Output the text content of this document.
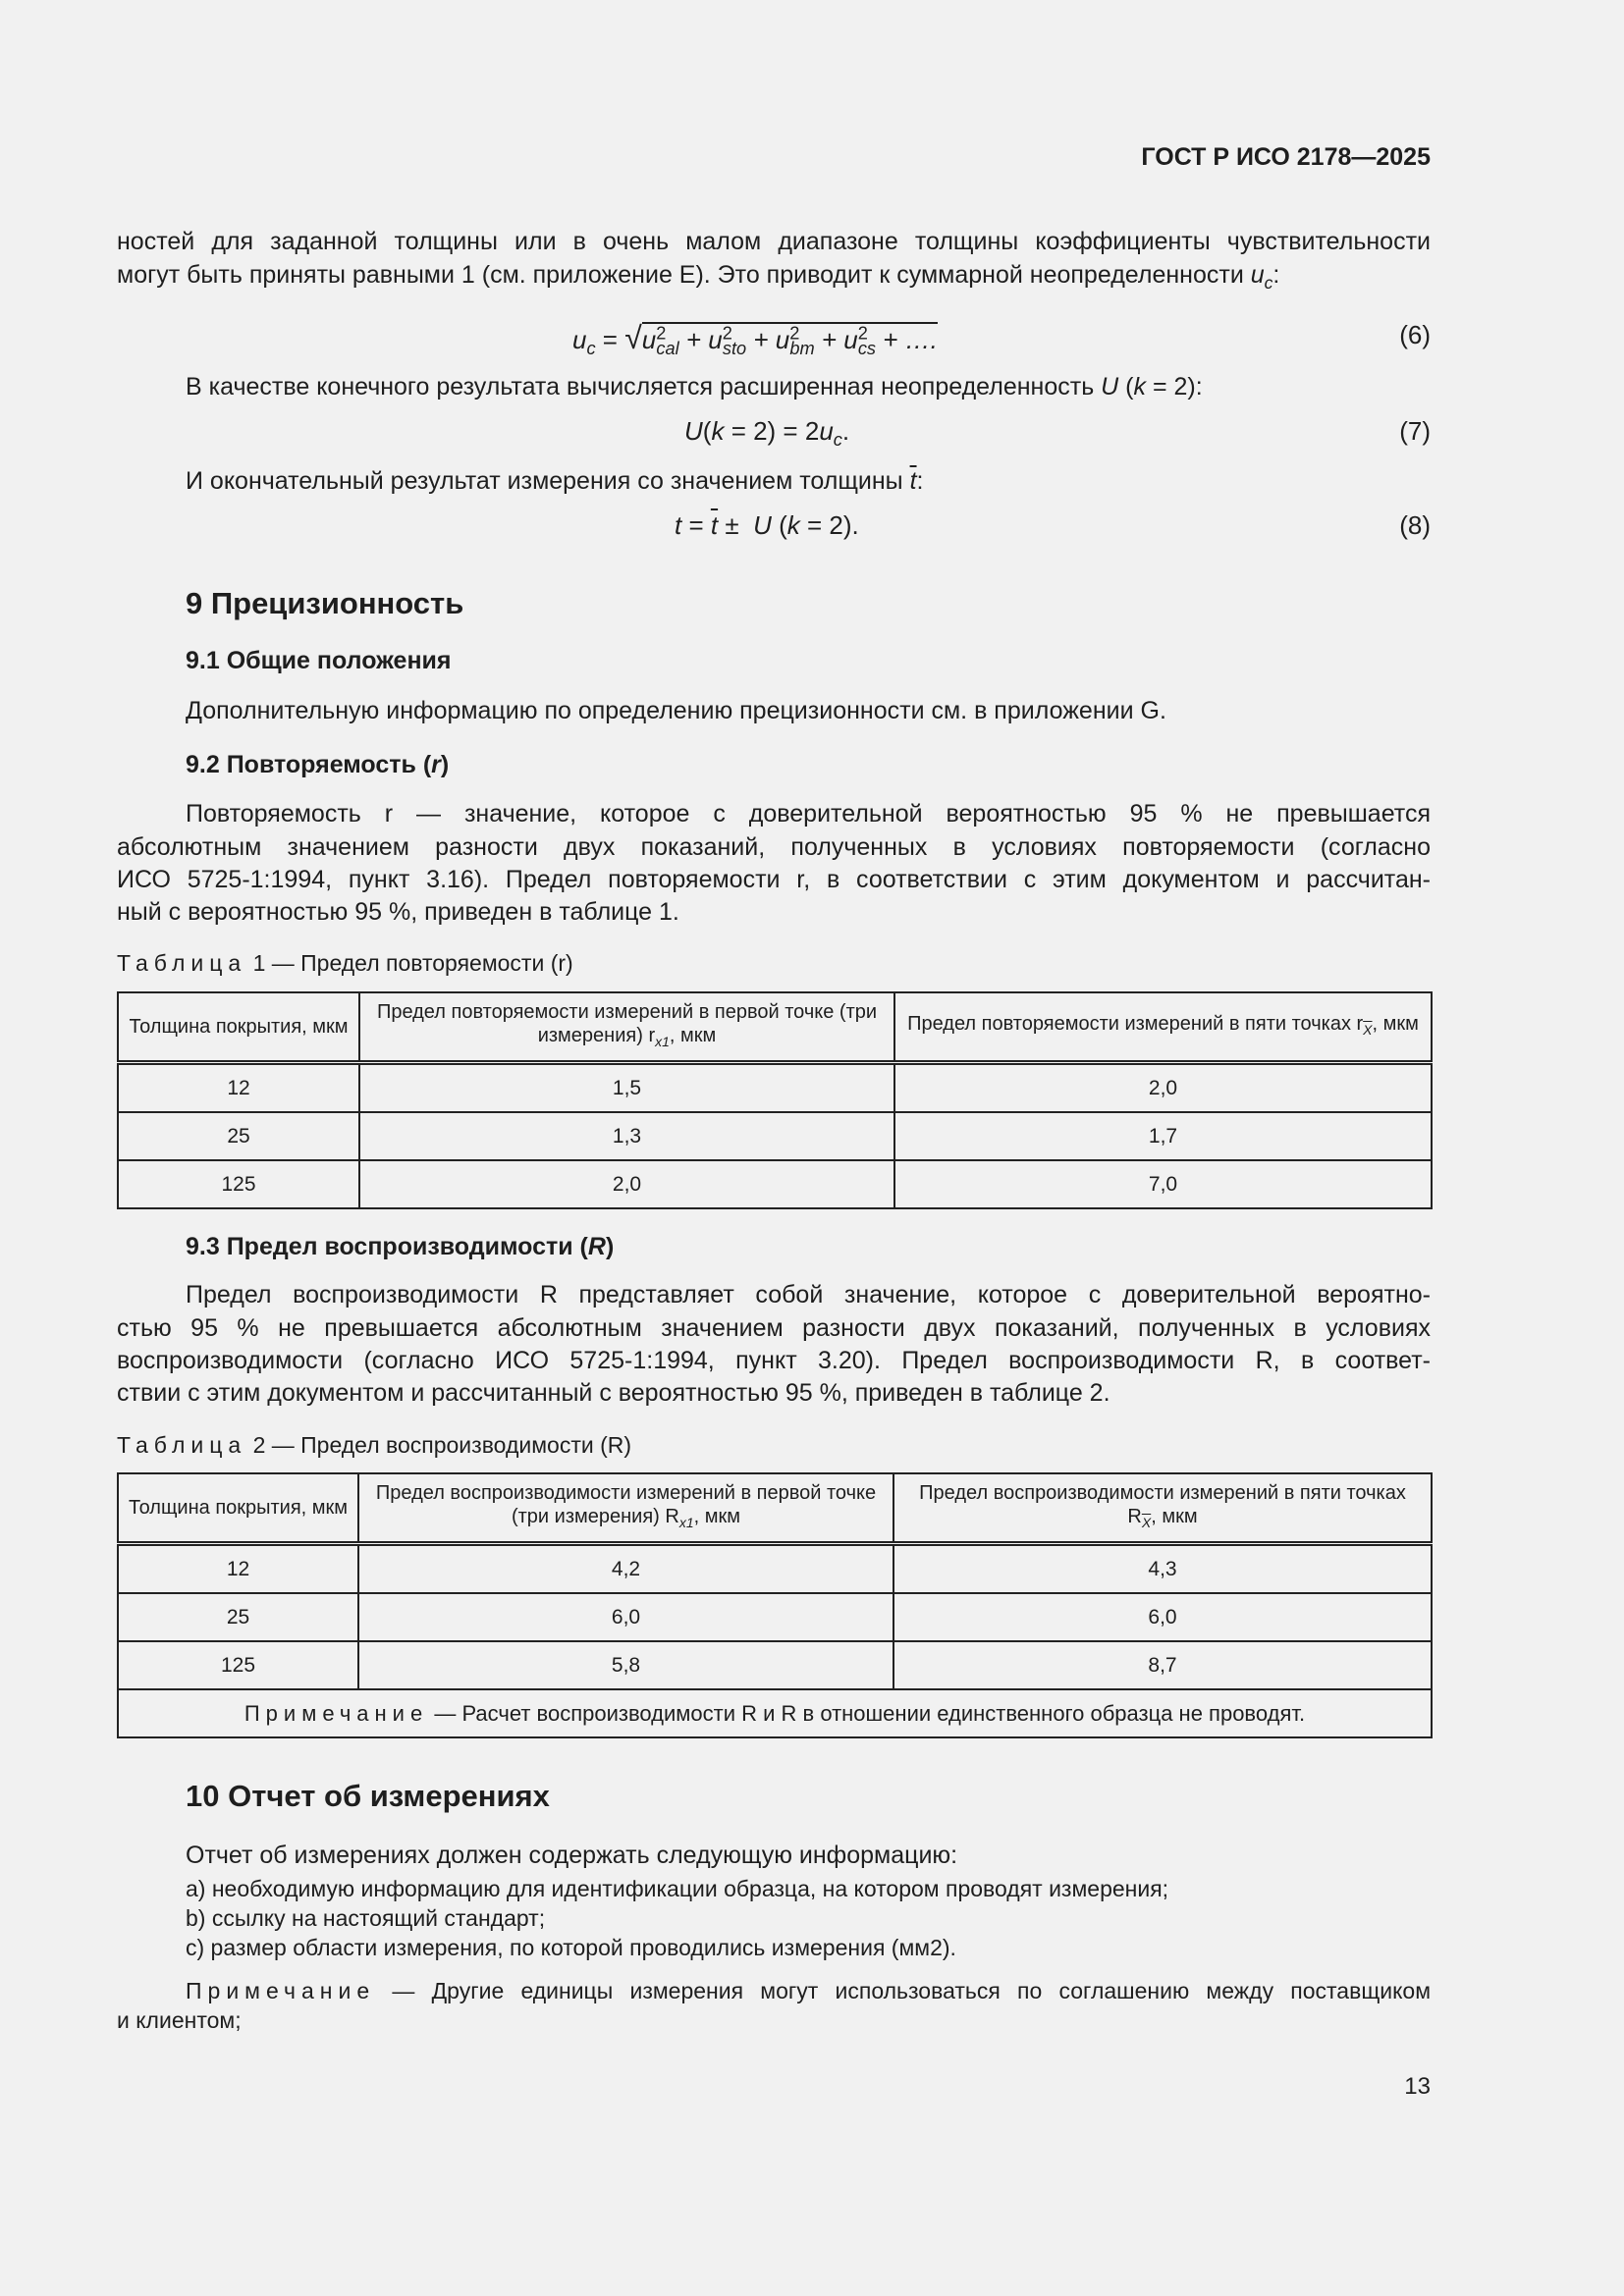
ГОСТ Р ИСО 2178—2025
ностей для заданной толщины или в очень малом диапазоне толщины коэффициенты чувствительности
могут быть приняты равными 1 (см. приложение E). Это приводит к суммарной неопределенности $u_c$:
$u_c = √u^2_{cal} + u^2_{sto} + u^2_{bm} + u^2_{cs}$ + ….	(6)
В качестве конечного результата вычисляется расширенная неопределенность U (k = 2):
$U(k = 2) = 2u_c$.	(7)
И окончательный результат измерения со значением толщины $\overline{t}$:
$t = \overline{t} \pm U$ (k = 2).	(8)
9 Прецизионность
9.1 Общие положения
Дополнительную информацию по определению прецизионности см. в приложении G.
9.2 Повторяемость (r)
Повторяемость r — значение, которое с доверительной вероятностью 95 % не превышается
абсолютным значением разности двух показаний, полученных в условиях повторяемости (согласно
ИСО 5725-1:1994, пункт 3.16). Предел повторяемости r, в соответствии с этим документом и рассчитан-
ный с вероятностью 95 %, приведен в таблице 1.
Таблица 1 — Предел повторяемости (r)
Толщина покрытия, мкм	Предел повторяемости измерений в первой точке (три измерения) $r_{x1}$, мкм	Предел повторяемости измерений в пяти точках $r_{\overline{X}}$, мкм
12	1,5	2,0
25	1,3	1,7
125	2,0	7,0
9.3 Предел воспроизводимости (R)
Предел воспроизводимости R представляет собой значение, которое с доверительной вероятно-
стью 95 % не превышается абсолютным значением разности двух показаний, полученных в условиях
воспроизводимости (согласно ИСО 5725-1:1994, пункт 3.20). Предел воспроизводимости R, в соответ-
ствии с этим документом и рассчитанный с вероятностью 95 %, приведен в таблице 2.
Таблица 2 — Предел воспроизводимости (R)
Толщина покрытия, мкм	Предел воспроизводимости измерений в первой точке (три измерения) $R_{x1}$, мкм	Предел воспроизводимости измерений в пяти точках $R_{\overline{X}}$, мкм
12	4,2	4,3
25	6,0	6,0
125	5,8	8,7
Примечание — Расчет воспроизводимости R и R в отношении единственного образца не проводят.		
10 Отчет об измерениях
Отчет об измерениях должен содержать следующую информацию:
a) необходимую информацию для идентификации образца, на котором проводят измерения;
b) ссылку на настоящий стандарт;
c) размер области измерения, по которой проводились измерения (мм2).
Примечание — Другие единицы измерения могут использоваться по соглашению между поставщиком
и клиентом;
13
